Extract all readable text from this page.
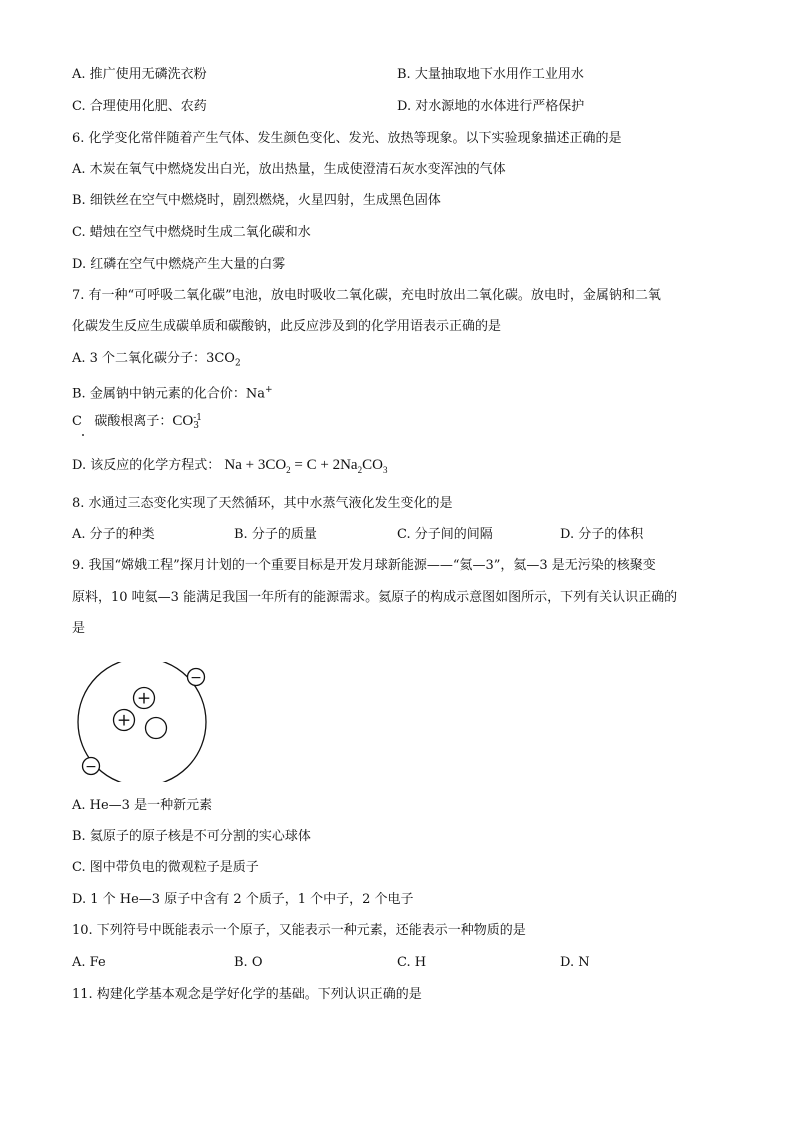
A. 推广使用无磷洗衣粉	B. 大量抽取地下水用作工业用水
C. 合理使用化肥、农药	D. 对水源地的水体进行严格保护
6. 化学变化常伴随着产生气体、发生颜色变化、发光、放热等现象。以下实验现象描述正确的是
A. 木炭在氧气中燃烧发出白光，放出热量，生成使澄清石灰水变浑浊的气体
B. 细铁丝在空气中燃烧时，剧烈燃烧，火星四射，生成黑色固体
C. 蜡烛在空气中燃烧时生成二氧化碳和水
D. 红磷在空气中燃烧产生大量的白雾
7. 有一种“可呼吸二氧化碳”电池，放电时吸收二氧化碳，充电时放出二氧化碳。放电时，金属钠和二氧
化碳发生反应生成碳单质和碳酸钠，此反应涉及到的化学用语表示正确的是
A. 3 个二氧化碳分子：$3CO_2$
B. 金属钠中钠元素的化合价：Na+
C 碳酸根离子：CO -1
3
D. 该反应的化学方程式： $Na + 3CO_2 = C + 2Na_2CO_3$
8. 水通过三态变化实现了天然循环，其中水蒸气液化发生变化的是
A. 分子的种类	B. 分子的质量	C. 分子间的间隔	D. 分子的体积
9. 我国“嫦娥工程”探月计划的一个重要目标是开发月球新能源——“氦—3”，氦—3 是无污染的核聚变
原料，10 吨氦—3 能满足我国一年所有的能源需求。氦原子的构成示意图如图所示，下列有关认识正确的
是
+
+
−
−
A. He—3 是一种新元素
B. 氦原子的原子核是不可分割的实心球体
C. 图中带负电的微观粒子是质子
D. 1 个 He—3 原子中含有 2 个质子，1 个中子，2 个电子
10. 下列符号中既能表示一个原子，又能表示一种元素，还能表示一种物质的是
A. Fe	B. O	C. H	D. N
11. 构建化学基本观念是学好化学的基础。下列认识正确的是
